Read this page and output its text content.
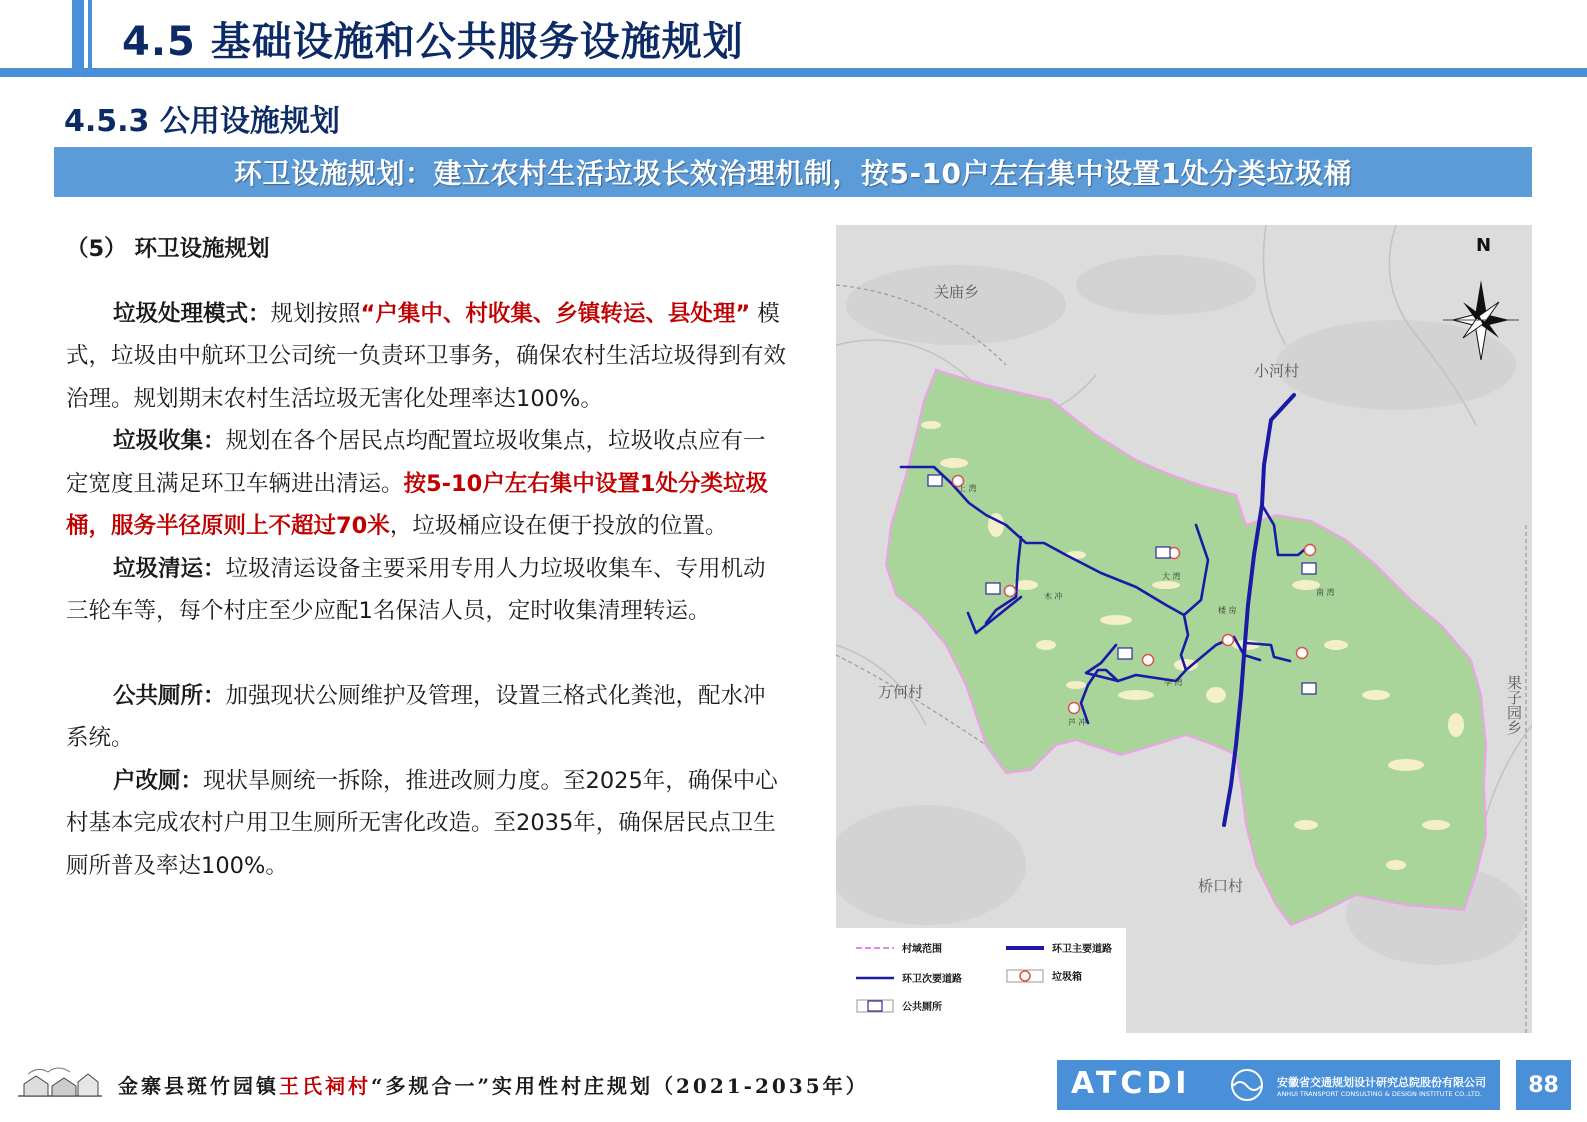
4.5 基础设施和公共服务设施规划
4.5.3 公用设施规划
环卫设施规划：建立农村生活垃圾长效治理机制，按5-10户左右集中设置1处分类垃圾桶

（5） 环卫设施规划

垃圾处理模式：规划按照“户集中、村收集、乡镇转运、县处理” 模式，垃圾由中航环卫公司统一负责环卫事务，确保农村生活垃圾得到有效治理。规划期末农村生活垃圾无害化处理率达100%。

垃圾收集：规划在各个居民点均配置垃圾收集点，垃圾收点应有一定宽度且满足环卫车辆进出清运。按5-10户左右集中设置1处分类垃圾桶，服务半径原则上不超过70米，垃圾桶应设在便于投放的位置。

垃圾清运：垃圾清运设备主要采用专用人力垃圾收集车、专用机动三轮车等，每个村庄至少应配1名保洁人员，定时收集清理转运。

公共厕所：加强现状公厕维护及管理，设置三格式化粪池，配水冲系统。

户改厕：现状旱厕统一拆除，推进改厕力度。至2025年，确保中心村基本完成农村户用卫生厕所无害化改造。至2035年，确保居民点卫生厕所普及率达100%。

N
关庙乡
小河村
万何村
桥口村
果子园乡
上 湾
大 湾
木 冲	南 湾
楼 房
李 湾
芦 冲
村域范围	环卫主要道路
环卫次要道路	垃圾箱
公共厕所
金寨县斑竹园镇王氏祠村“多规合一”实用性村庄规划（2021-2035年）	ATCDI	安徽省交通规划设计研究总院股份有限公司
ANHUI TRANSPORT CONSULTING & DESIGN INSTITUTE CO.,LTD.	88
